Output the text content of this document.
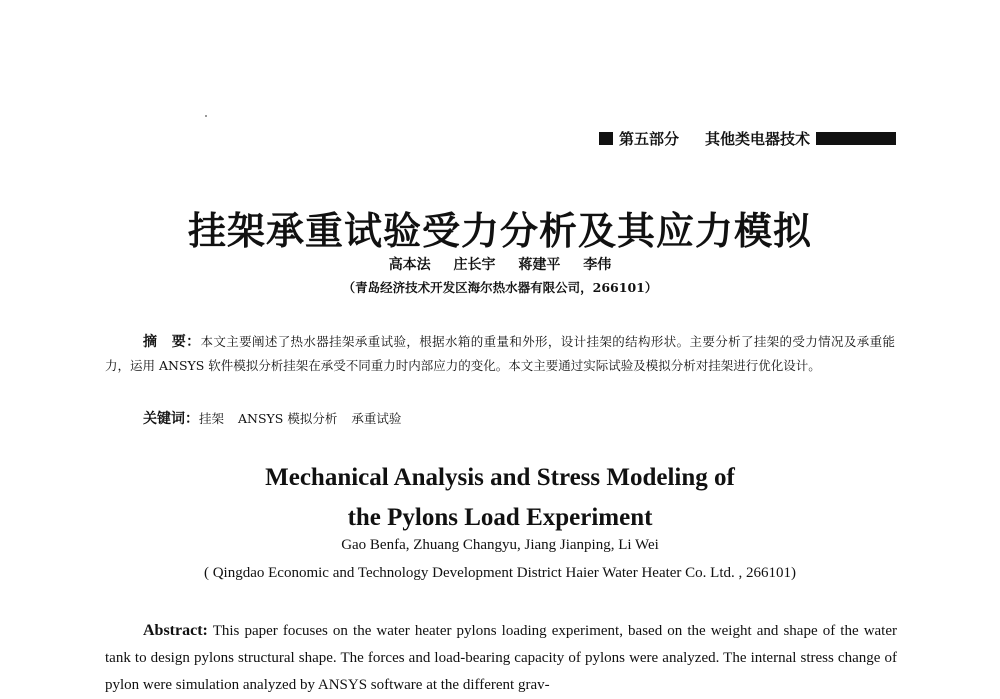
第五部分 其他类电器技术
挂架承重试验受力分析及其应力模拟
高本法 庄长宇 蒋建平 李伟
（青岛经济技术开发区海尔热水器有限公司，266101）
摘　要：本文主要阐述了热水器挂架承重试验，根据水箱的重量和外形，设计挂架的结构形状。主要分析了挂架的受力情况及承重能力，运用 ANSYS 软件模拟分析挂架在承受不同重力时内部应力的变化。本文主要通过实际试验及模拟分析对挂架进行优化设计。
关键词：挂架 ANSYS 模拟分析 承重试验
Mechanical Analysis and Stress Modeling of
the Pylons Load Experiment
Gao Benfa, Zhuang Changyu, Jiang Jianping, Li Wei
( Qingdao Economic and Technology Development District Haier Water Heater Co. Ltd. , 266101)
Abstract: This paper focuses on the water heater pylons loading experiment, based on the weight and shape of the water tank to design pylons structural shape. The forces and load-bearing capacity of pylons were analyzed. The internal stress change of pylon were simulation analyzed by ANSYS software at the different grav-
